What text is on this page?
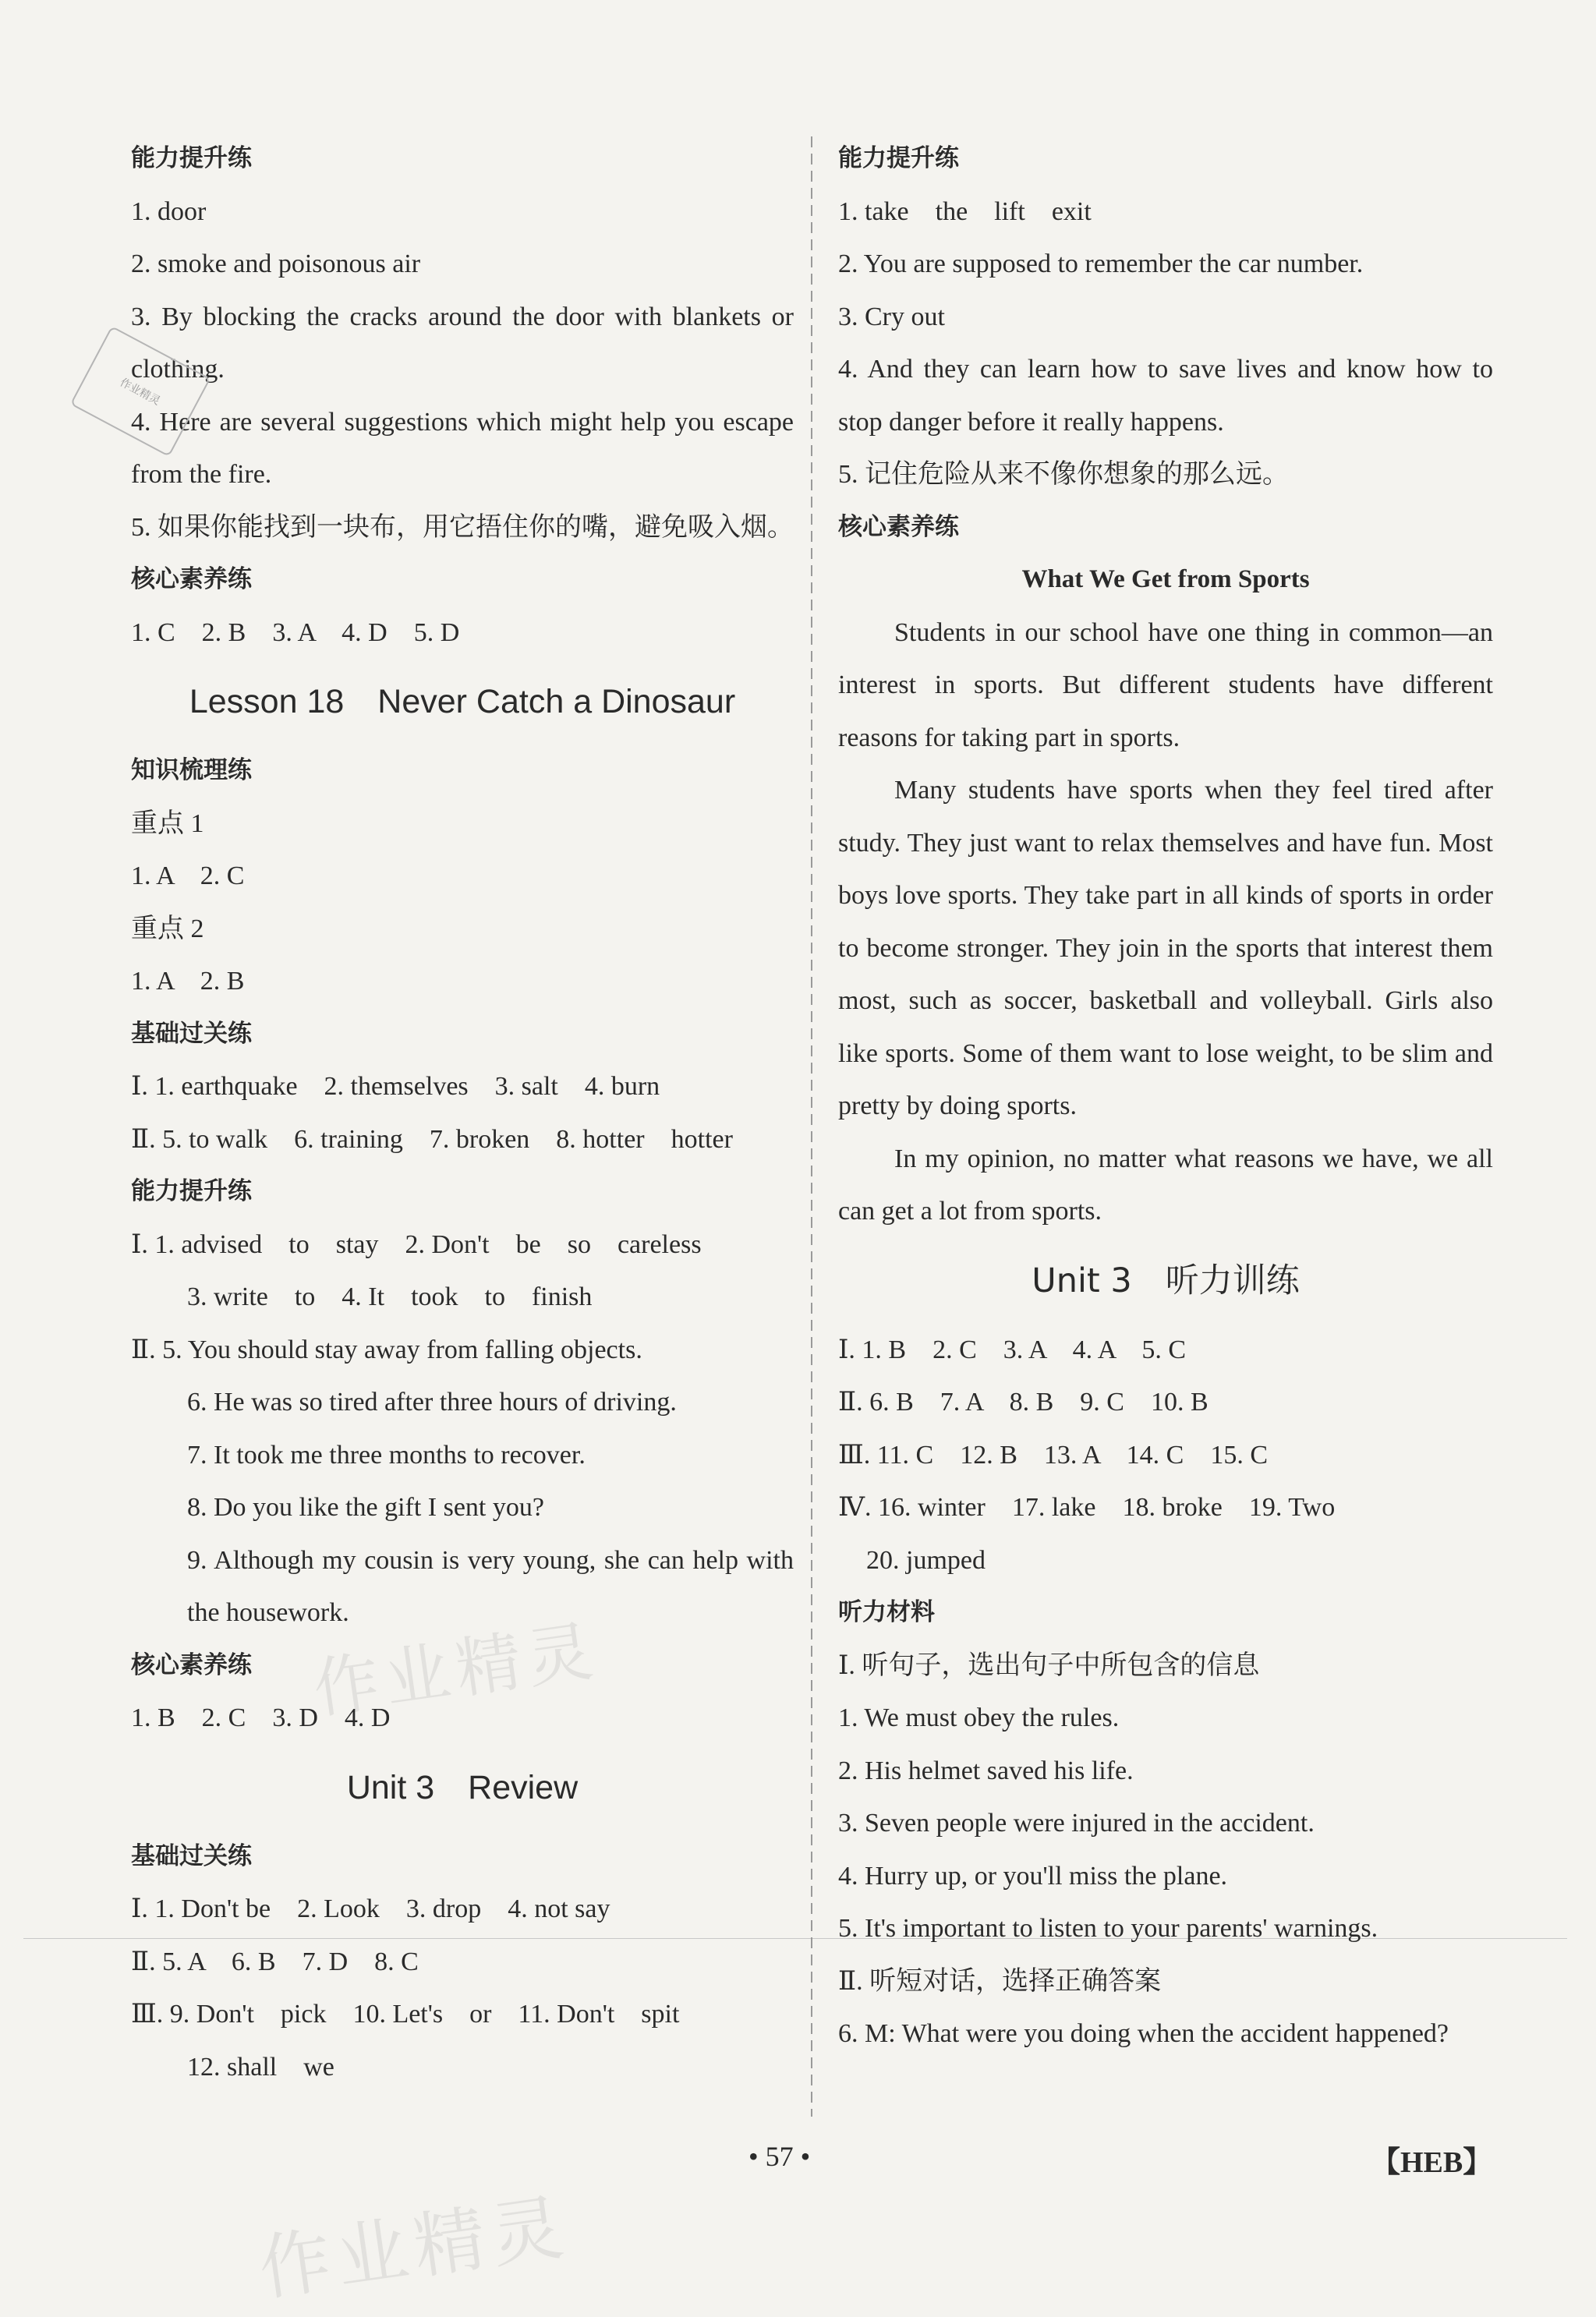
能力提升练
1. door
2. smoke and poisonous air
3. By blocking the cracks around the door with blankets or clothing.
4. Here are several suggestions which might help you escape from the fire.
5. 如果你能找到一块布，用它捂住你的嘴，避免吸入烟。
核心素养练
1. C　2. B　3. A　4. D　5. D
Lesson 18　Never Catch a Dinosaur
知识梳理练
重点 1
1. A　2. C
重点 2
1. A　2. B
基础过关练
Ⅰ. 1. earthquake　2. themselves　3. salt　4. burn
Ⅱ. 5. to walk　6. training　7. broken　8. hotter　hotter
能力提升练
Ⅰ. 1. advised　to　stay　2. Don't　be　so　careless
3. write　to　4. It　took　to　finish
Ⅱ. 5. You should stay away from falling objects.
6. He was so tired after three hours of driving.
7. It took me three months to recover.
8. Do you like the gift I sent you?
9. Although my cousin is very young, she can help with the housework.
核心素养练
1. B　2. C　3. D　4. D
Unit 3　Review
基础过关练
Ⅰ. 1. Don't be　2. Look　3. drop　4. not say
Ⅱ. 5. A　6. B　7. D　8. C
Ⅲ. 9. Don't　pick　10. Let's　or　11. Don't　spit
12. shall　we
能力提升练
1. take　the　lift　exit
2. You are supposed to remember the car number.
3. Cry out
4. And they can learn how to save lives and know how to stop danger before it really happens.
5. 记住危险从来不像你想象的那么远。
核心素养练
What We Get from Sports
Students in our school have one thing in common—an interest in sports. But different students have different reasons for taking part in sports.
Many students have sports when they feel tired after study. They just want to relax themselves and have fun. Most boys love sports. They take part in all kinds of sports in order to become stronger. They join in the sports that interest them most, such as soccer, basketball and volleyball. Girls also like sports. Some of them want to lose weight, to be slim and pretty by doing sports.
In my opinion, no matter what reasons we have, we all can get a lot from sports.
Unit 3　听力训练
Ⅰ. 1. B　2. C　3. A　4. A　5. C
Ⅱ. 6. B　7. A　8. B　9. C　10. B
Ⅲ. 11. C　12. B　13. A　14. C　15. C
Ⅳ. 16. winter　17. lake　18. broke　19. Two
20. jumped
听力材料
Ⅰ. 听句子，选出句子中所包含的信息
1. We must obey the rules.
2. His helmet saved his life.
3. Seven people were injured in the accident.
4. Hurry up, or you'll miss the plane.
5. It's important to listen to your parents' warnings.
Ⅱ. 听短对话，选择正确答案
6. M: What were you doing when the accident happened?
作业精灵
作业精灵
作业精灵
• 57 •	【HEB】
